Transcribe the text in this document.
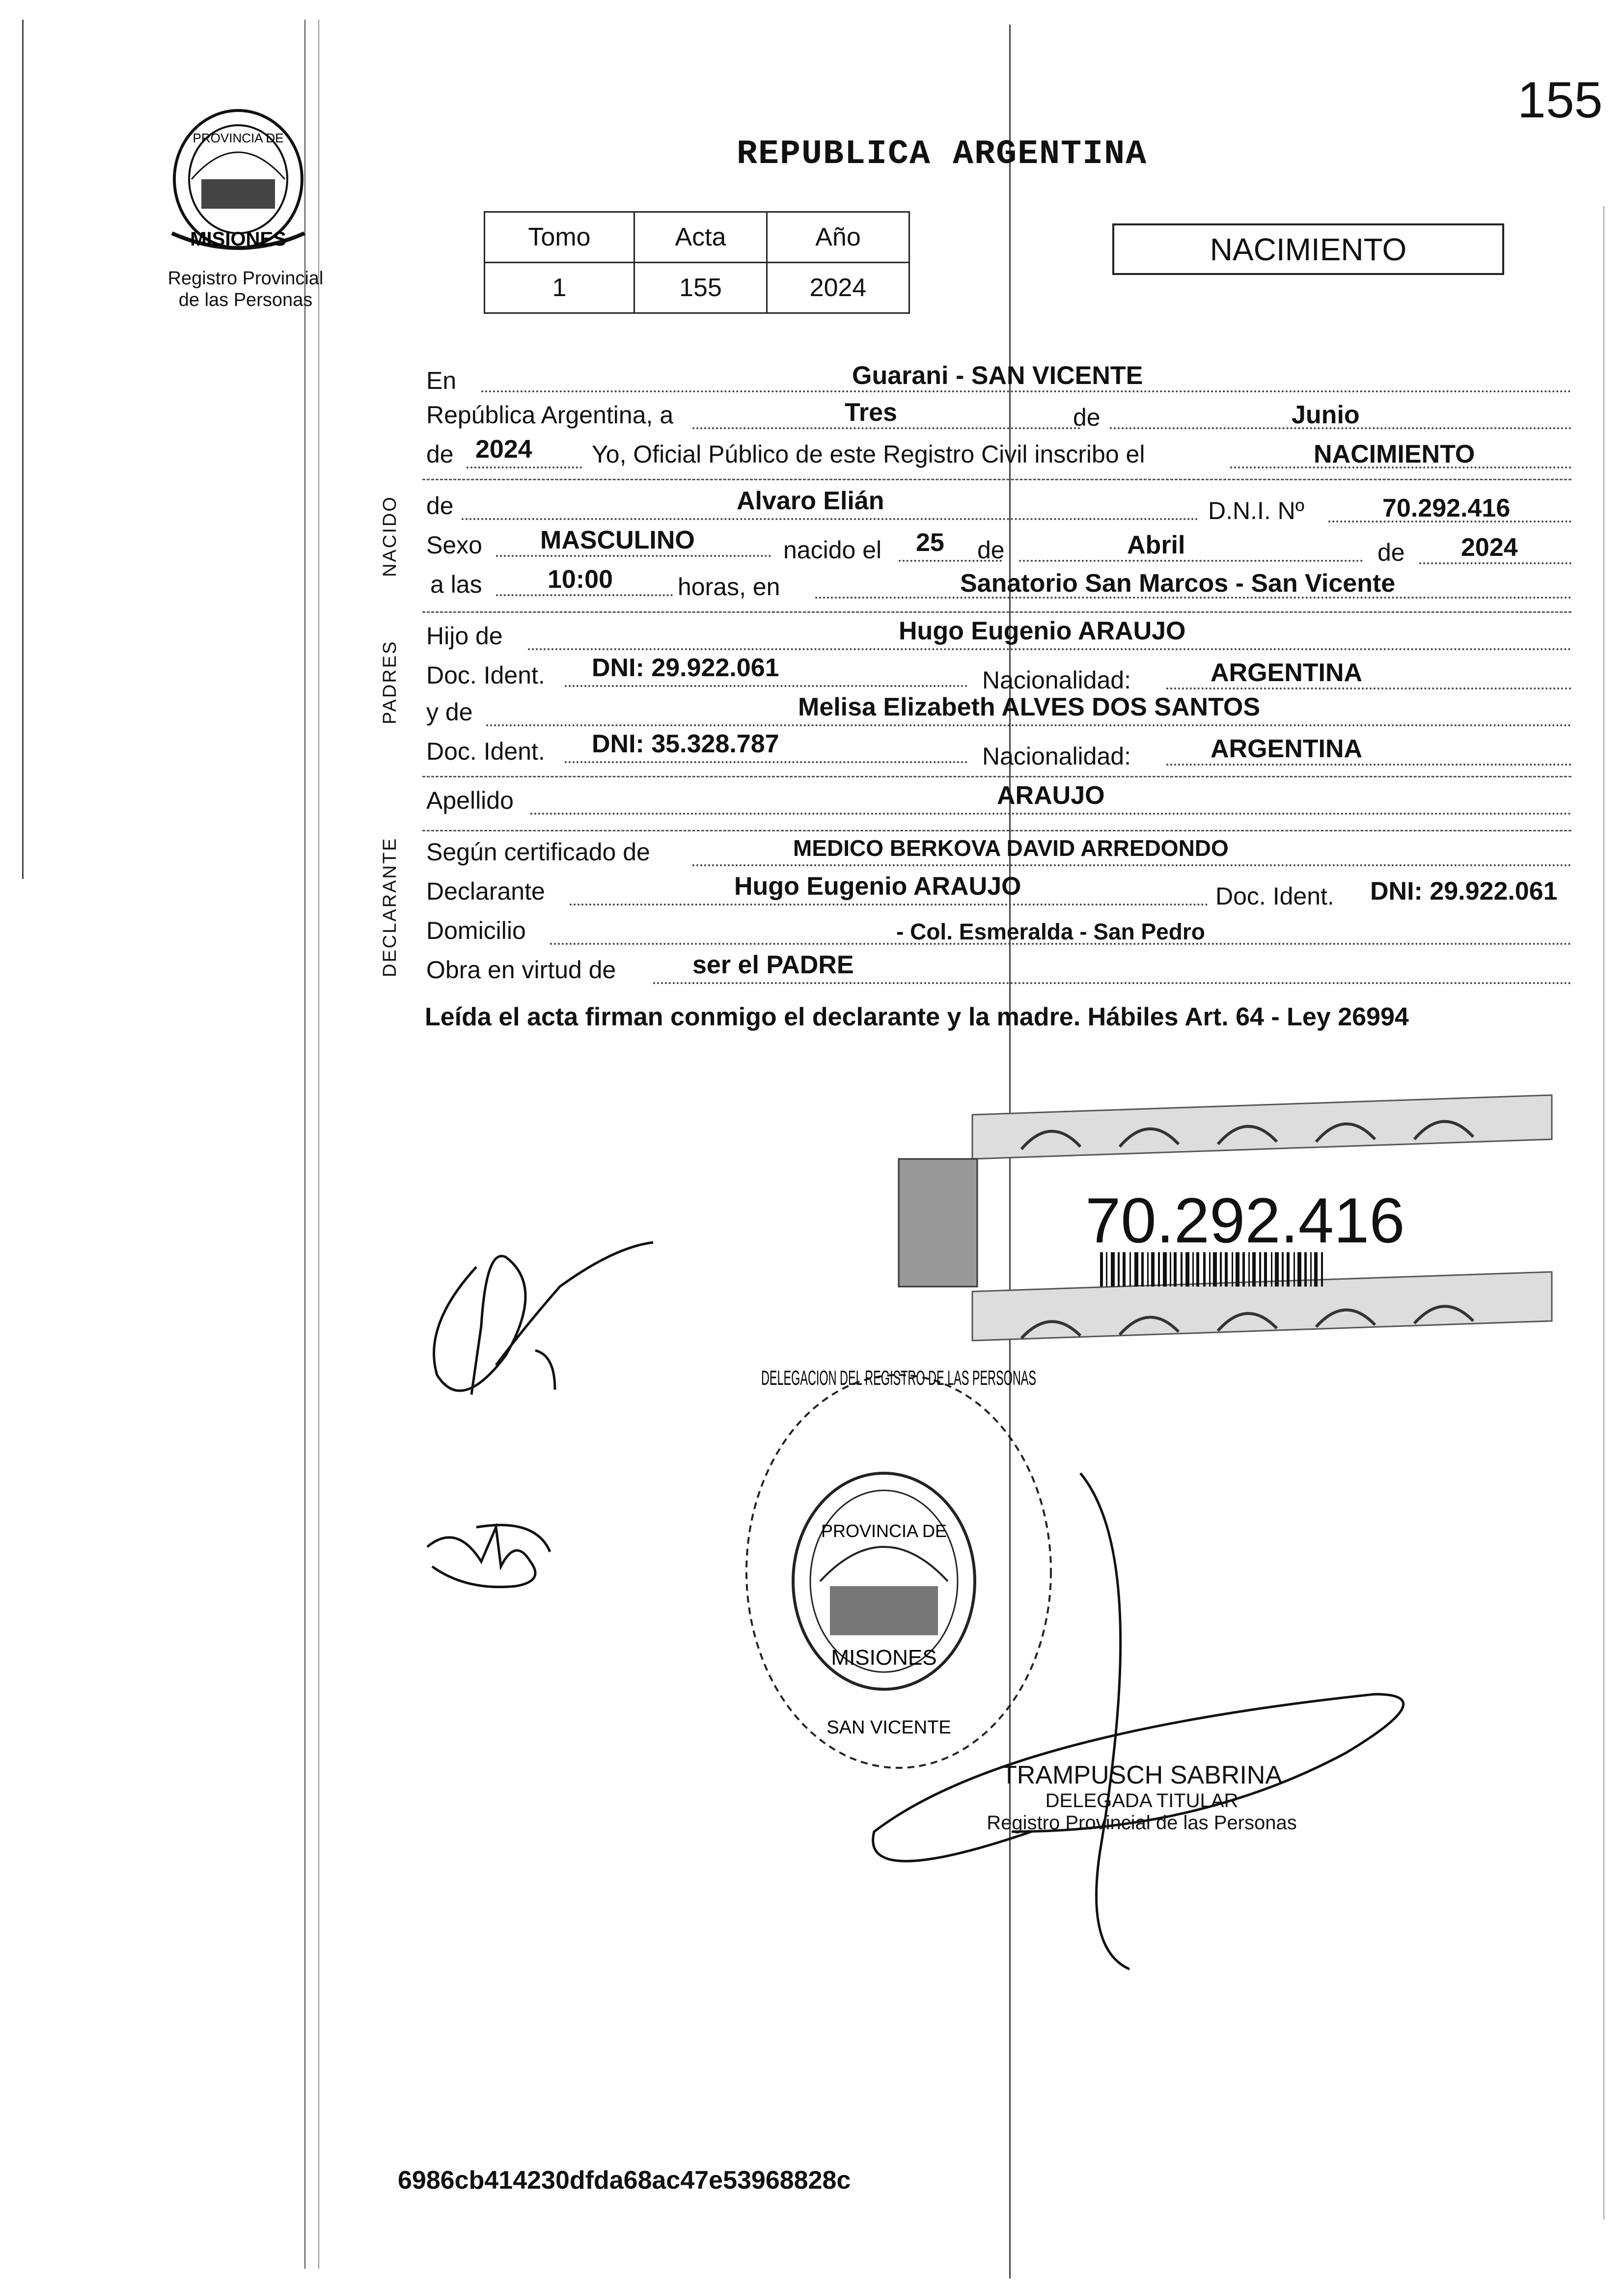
155
PROVINCIA DE
MISIONES
Registro Provincial
de las Personas
REPUBLICA ARGENTINA
Tomo	Acta	Año
1	155	2024
NACIMIENTO
NACIDO
PADRES
DECLARANTE
En	Guarani - SAN VICENTE
República Argentina, a	Tres	de	Junio
de 2024 Yo, Oficial Público de este Registro Civil inscribo el	NACIMIENTO
de	Alvaro Elián	D.N.I. Nº	70.292.416
Sexo MASCULINO	nacido el 25 de	Abril	de 2024
a las	10:00	horas, en	Sanatorio San Marcos - San Vicente
Hijo de	Hugo Eugenio ARAUJO
Doc. Ident. DNI: 29.922.061	Nacionalidad:	ARGENTINA
y de	Melisa Elizabeth ALVES DOS SANTOS
Doc. Ident. DNI: 35.328.787	Nacionalidad:	ARGENTINA
Apellido	ARAUJO
Según certificado de	MEDICO BERKOVA DAVID ARREDONDO
Declarante	Hugo Eugenio ARAUJO	Doc. Ident. DNI: 29.922.061
Domicilio	- Col. Esmeralda - San Pedro
Obra en virtud de	ser el PADRE
Leída el acta firman conmigo el declarante y la madre. Hábiles Art. 64 - Ley 26994
70.292.416
PROVINCIA DE
MISIONES
DELEGACION DEL REGISTRO DE LAS PERSONAS
SAN VICENTE
TRAMPUSCH SABRINA
DELEGADA TITULAR
Registro Provincial de las Personas
6986cb414230dfda68ac47e53968828c
